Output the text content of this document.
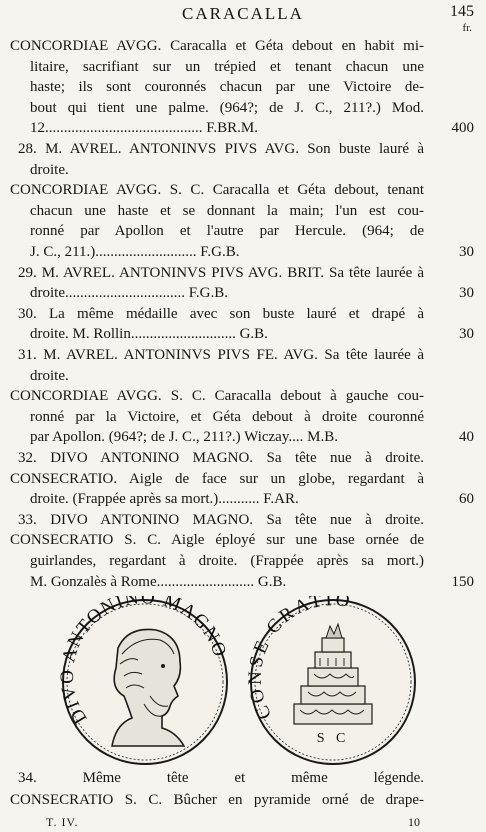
CARACALLA	145
fr.
CONCORDIAE AVGG. Caracalla et Géta debout en habit mi-
litaire, sacrifiant sur un trépied et tenant chacun une
haste; ils sont couronnés chacun par une Victoire de-
bout qui tient une palme. (964?; de J. C., 211?.) Mod.
12.......................................... F.BR.M.	400
28. M. AVREL. ANTONINVS PIVS AVG. Son buste lauré à
droite.
CONCORDIAE AVGG. S. C. Caracalla et Géta debout, tenant
chacun une haste et se donnant la main; l'un est cou-
ronné par Apollon et l'autre par Hercule. (964; de
J. C., 211.)........................... F.G.B.	30
29. M. AVREL. ANTONINVS PIVS AVG. BRIT. Sa tête laurée à
droite................................ F.G.B.	30
30. La même médaille avec son buste lauré et drapé à
droite. M. Rollin............................ G.B.	30
31. M. AVREL. ANTONINVS PIVS FE. AVG. Sa tête laurée à
droite.
CONCORDIAE AVGG. S. C. Caracalla debout à gauche cou-
ronné par la Victoire, et Géta debout à droite couronné
par Apollon. (964?; de J. C., 211?.) Wiczay.... M.B.	40
32. DIVO ANTONINO MAGNO. Sa tête nue à droite.
CONSECRATIO. Aigle de face sur un globe, regardant à
droite. (Frappée après sa mort.)........... F.AR.	60
33. DIVO ANTONINO MAGNO. Sa tête nue à droite.
CONSECRATIO S. C. Aigle éployé sur une base ornée de
guirlandes, regardant à droite. (Frappée après sa mort.)
M. Gonzalès à Rome.......................... G.B.	150
DIVO ANTONINO MAGNO
CONSE CRATIO
S C
34. Même tête et même légende.
CONSECRATIO S. C. Bûcher en pyramide orné de drape-
T. IV.	10
